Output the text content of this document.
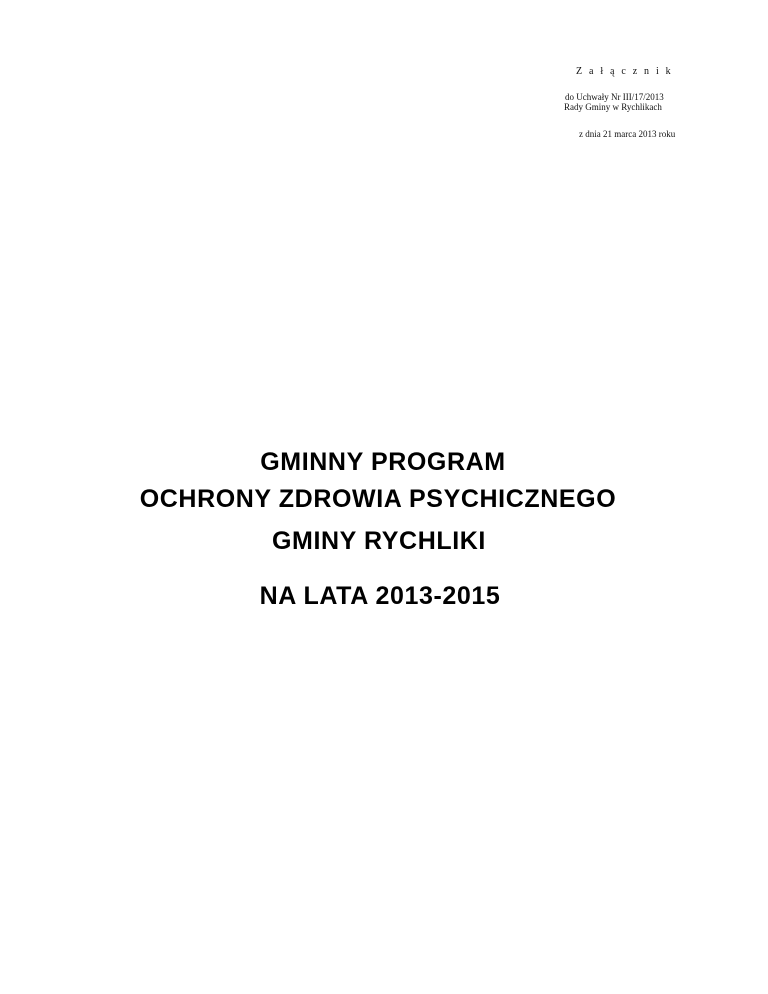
Z a ł ą c z n i k
do Uchwały Nr III/17/2013
Rady Gminy w Rychlikach
z dnia 21 marca 2013 roku
GMINNY PROGRAM
OCHRONY ZDROWIA PSYCHICZNEGO
GMINY RYCHLIKI
NA LATA 2013-2015
